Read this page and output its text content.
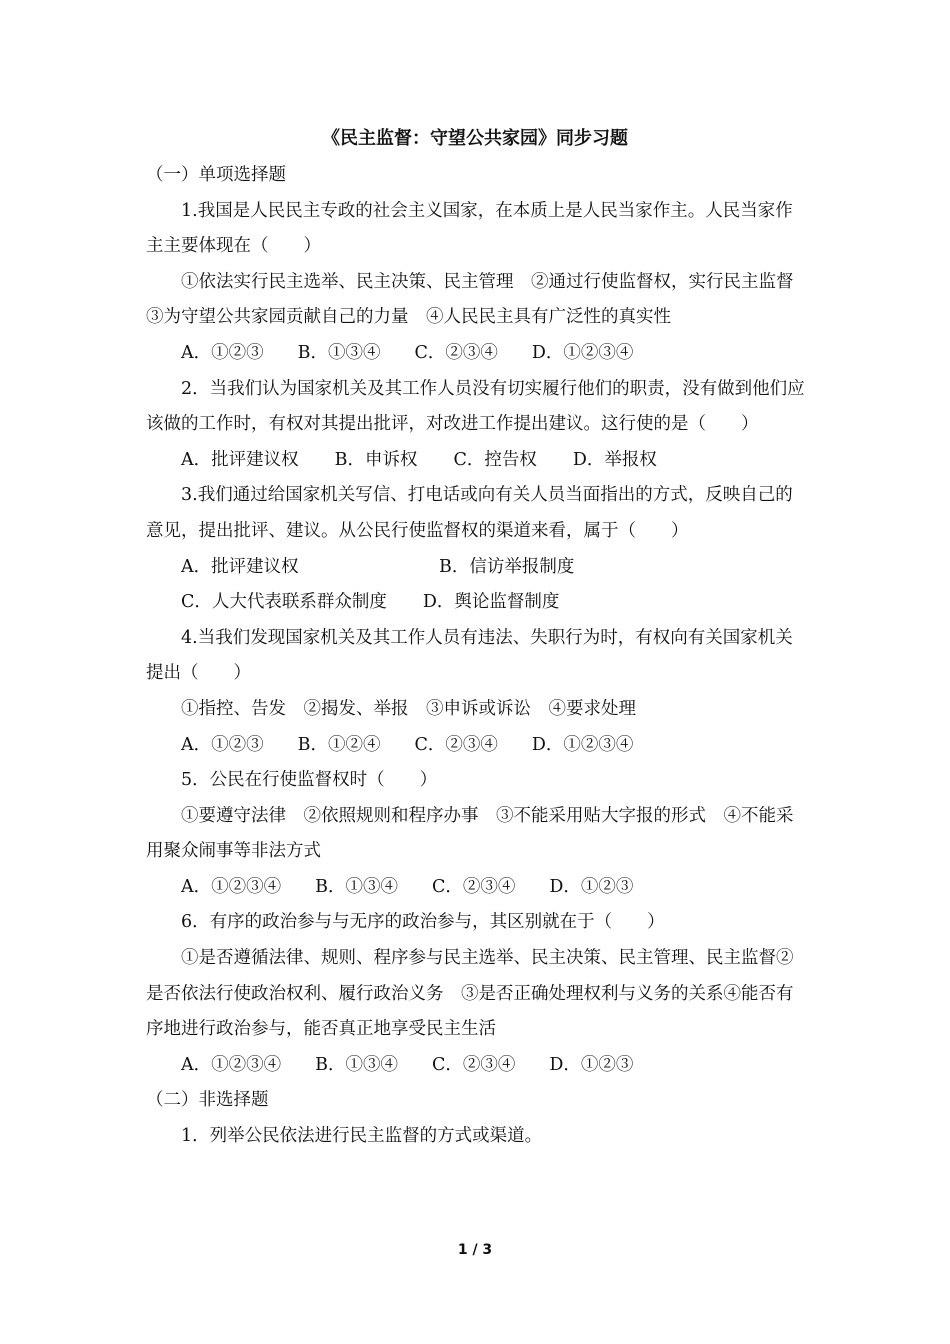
《民主监督：守望公共家园》同步习题

（一）单项选择题

1.我国是人民民主专政的社会主义国家，在本质上是人民当家作主。人民当家作主主要体现在（　　）

①依法实行民主选举、民主决策、民主管理　②通过行使监督权，实行民主监督　③为守望公共家园贡献自己的力量　④人民民主具有广泛性的真实性

A．①②③ B．①③④ C．②③④ D．①②③④

2．当我们认为国家机关及其工作人员没有切实履行他们的职责，没有做到他们应该做的工作时，有权对其提出批评，对改进工作提出建议。这行使的是（　　）

A．批评建议权 B．申诉权 C．控告权 D．举报权

3.我们通过给国家机关写信、打电话或向有关人员当面指出的方式，反映自己的意见，提出批评、建议。从公民行使监督权的渠道来看，属于（　　）

A．批评建议权	B．信访举报制度

C．人大代表联系群众制度 D．舆论监督制度

4.当我们发现国家机关及其工作人员有违法、失职行为时，有权向有关国家机关提出（　　）

①指控、告发　②揭发、举报　③申诉或诉讼　④要求处理

A．①②③ B．①②④ C．②③④ D．①②③④

5．公民在行使监督权时（　　）

①要遵守法律　②依照规则和程序办事　③不能采用贴大字报的形式　④不能采用聚众闹事等非法方式

A．①②③④ B．①③④ C．②③④ D．①②③

6．有序的政治参与与无序的政治参与，其区别就在于（　　）

①是否遵循法律、规则、程序参与民主选举、民主决策、民主管理、民主监督②是否依法行使政治权利、履行政治义务　③是否正确处理权利与义务的关系④能否有序地进行政治参与，能否真正地享受民主生活

A．①②③④ B．①③④ C．②③④ D．①②③

（二）非选择题

1．列举公民依法进行民主监督的方式或渠道。

1 / 3
